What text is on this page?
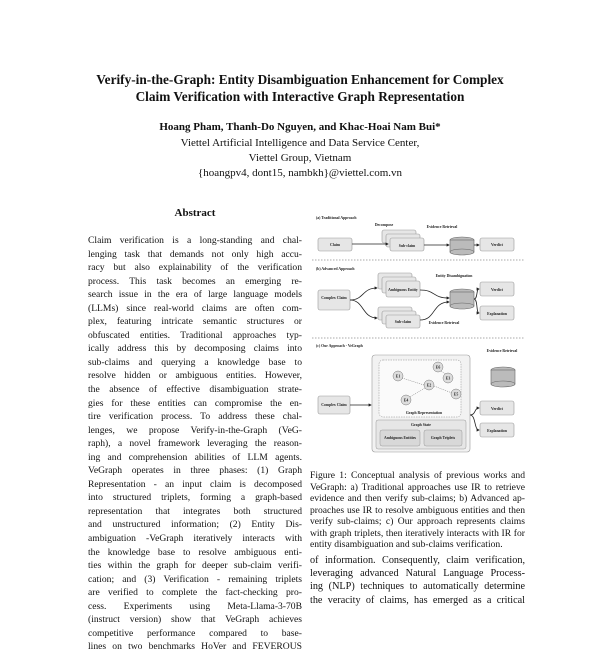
Verify-in-the-Graph: Entity Disambiguation Enhancement for Complex
Claim Verification with Interactive Graph Representation
Hoang Pham, Thanh-Do Nguyen, and Khac-Hoai Nam Bui*
Viettel Artificial Intelligence and Data Service Center,
Viettel Group, Vietnam
{hoangpv4, dont15, nambkh}@viettel.com.vn
Abstract
Claim verification is a long-standing and chal-
lenging task that demands not only high accu-
racy but also explainability of the verification
process. This task becomes an emerging re-
search issue in the era of large language models
(LLMs) since real-world claims are often com-
plex, featuring intricate semantic structures or
obfuscated entities. Traditional approaches typ-
ically address this by decomposing claims into
sub-claims and querying a knowledge base to
resolve hidden or ambiguous entities. However,
the absence of effective disambiguation strate-
gies for these entities can compromise the en-
tire verification process. To address these chal-
lenges, we propose Verify-in-the-Graph (VeG-
raph), a novel framework leveraging the reason-
ing and comprehension abilities of LLM agents.
VeGraph operates in three phases: (1) Graph
Representation - an input claim is decomposed
into structured triplets, forming a graph-based
representation that integrates both structured
and unstructured information; (2) Entity Dis-
ambiguation -VeGraph iteratively interacts with
the knowledge base to resolve ambiguous enti-
ties within the graph for deeper sub-claim verifi-
cation; and (3) Verification - remaining triplets
are verified to complete the fact-checking pro-
cess. Experiments using Meta-Llama-3-70B
(instruct version) show that VeGraph achieves
competitive performance compared to base-
lines on two benchmarks HoVer and FEVEROUS
(a) Traditional Approach
Decompose	Evidence Retrieval
Claim	Sub-claim	Verdict
(b) Advanced Approach
Complex Claim
Ambiguous Entity
Entity Disambiguation
Sub-claim	Evidence Retrieval
Verdict
Explanation
(c) Our Approach - VeGraph
Evidence Retrieval
Complex Claim
Graph Representation
Graph State
Ambiguous Entities	Graph Triplets
Verdict
Explanation
E1
E2
E3
E4
E5
E6
Figure 1: Conceptual analysis of previous works and
VeGraph: a) Traditional approaches use IR to retrieve
evidence and then verify sub-claims; b) Advanced ap-
proaches use IR to resolve ambiguous entities and then
verify sub-claims; c) Our approach represents claims
with graph triplets, then iteratively interacts with IR for
entity disambiguation and sub-claims verification.
of information. Consequently, claim verification,
leveraging advanced Natural Language Process-
ing (NLP) techniques to automatically determine
the veracity of claims, has emerged as a critical
